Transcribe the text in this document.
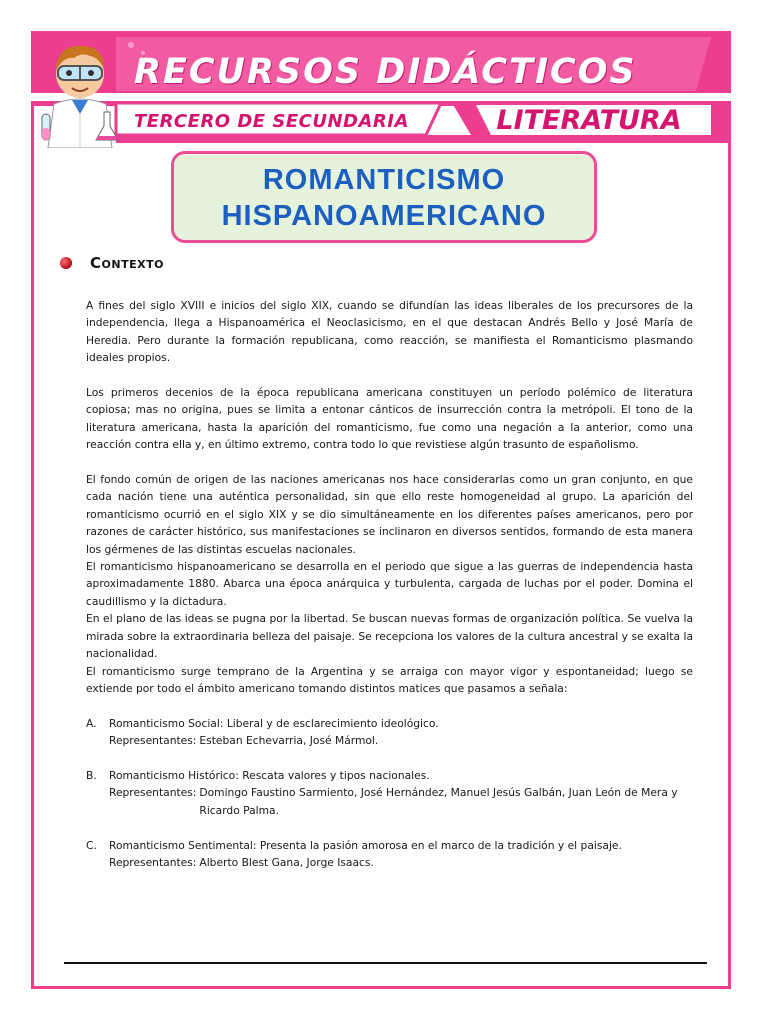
RECURSOS DIDÁCTICOS
TERCERO DE SECUNDARIA	LITERATURA
ROMANTICISMO
HISPANOAMERICANO
Contexto

A fines del siglo XVIII e inicios del siglo XIX, cuando se difundían las ideas liberales de los precursores de la independencia, llega a Hispanoamérica el Neoclasicismo, en el que destacan Andrés Bello y José María de Heredia. Pero durante la formación republicana, como reacción, se manifiesta el Romanticismo plasmando ideales propios.

Los primeros decenios de la época republicana americana constituyen un período polémico de literatura copiosa; mas no origina, pues se limita a entonar cánticos de insurrección contra la metrópoli. El tono de la literatura americana, hasta la aparición del romanticismo, fue como una negación a la anterior, como una reacción contra ella y, en último extremo, contra todo lo que revistiese algún trasunto de españolismo.

El fondo común de origen de las naciones americanas nos hace considerarlas como un gran conjunto, en que cada nación tiene una auténtica personalidad, sin que ello reste homogeneidad al grupo. La aparición del romanticismo ocurrió en el siglo XIX y se dio simultáneamente en los diferentes países americanos, pero por razones de carácter histórico, sus manifestaciones se inclinaron en diversos sentidos, formando de esta manera los gérmenes de las distintas escuelas nacionales.

El romanticismo hispanoamericano se desarrolla en el periodo que sigue a las guerras de independencia hasta aproximadamente 1880. Abarca una época anárquica y turbulenta, cargada de luchas por el poder. Domina el caudillismo y la dictadura.

En el plano de las ideas se pugna por la libertad. Se buscan nuevas formas de organización política. Se vuelva la mirada sobre la extraordinaria belleza del paisaje. Se recepciona los valores de la cultura ancestral y se exalta la nacionalidad.

El romanticismo surge temprano de la Argentina y se arraiga con mayor vigor y espontaneidad; luego se extiende por todo el ámbito americano tomando distintos matices que pasamos a señala:

A.	Romanticismo Social: Liberal y de esclarecimiento ideológico.
Representantes: Esteban Echevarria, José Mármol.
B.	Romanticismo Histórico: Rescata valores y tipos nacionales.
Representantes: Domingo Faustino Sarmiento, José Hernández, Manuel Jesús Galbán, Juan León de Mera y Ricardo Palma.
C.	Romanticismo Sentimental: Presenta la pasión amorosa en el marco de la tradición y el paisaje.
Representantes: Alberto Blest Gana, Jorge Isaacs.
